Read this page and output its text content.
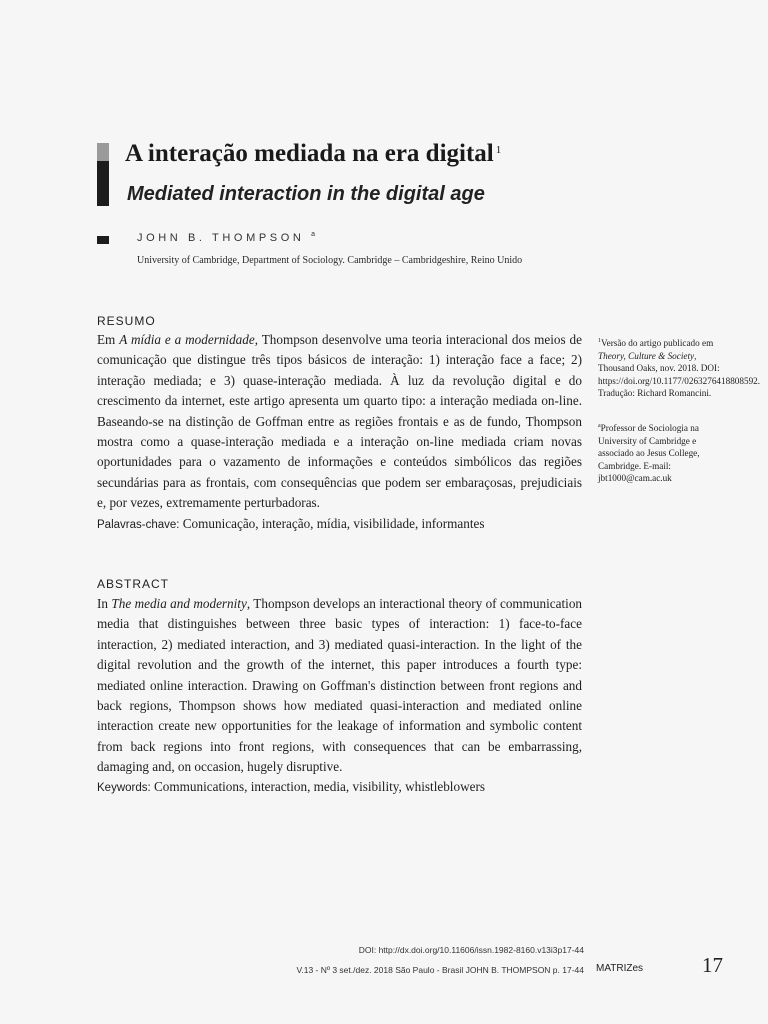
A interação mediada na era digital $^1$
Mediated interaction in the digital age
JOHN B. THOMPSON $^a$
University of Cambridge, Department of Sociology. Cambridge – Cambridgeshire, Reino Unido
RESUMO

Em A mídia e a modernidade, Thompson desenvolve uma teoria interacional dos meios de comunicação que distingue três tipos básicos de interação: 1) interação face a face; 2) interação mediada; e 3) quase-interação mediada. À luz da revolução digital e do crescimento da internet, este artigo apresenta um quarto tipo: a interação mediada on-line. Baseando-se na distinção de Goffman entre as regiões frontais e as de fundo, Thompson mostra como a quase-interação mediada e a interação on-line mediada criam novas oportunidades para o vazamento de informações e conteúdos simbólicos das regiões secundárias para as frontais, com consequências que podem ser embaraçosas, prejudiciais e, por vezes, extremamente perturbadoras.

Palavras-chave: Comunicação, interação, mídia, visibilidade, informantes
ABSTRACT

In The media and modernity, Thompson develops an interactional theory of communication media that distinguishes between three basic types of interaction: 1) face-to-face interaction, 2) mediated interaction, and 3) mediated quasi-interaction. In the light of the digital revolution and the growth of the internet, this paper introduces a fourth type: mediated online interaction. Drawing on Goffman's distinction between front regions and back regions, Thompson shows how mediated quasi-interaction and mediated online interaction create new opportunities for the leakage of information and symbolic content from back regions into front regions, with consequences that can be embarrassing, damaging and, on occasion, hugely disruptive.

Keywords: Communications, interaction, media, visibility, whistleblowers

$^1$Versão do artigo publicado em Theory, Culture & Society, Thousand Oaks, nov. 2018. DOI: https://doi.org/10.1177/0263276418808592. Tradução: Richard Romancini.

$^a$Professor de Sociologia na University of Cambridge e associado ao Jesus College, Cambridge. E-mail: jbt1000@cam.ac.uk

DOI: http://dx.doi.org/10.11606/issn.1982-8160.v13i3p17-44
V.13 - Nº 3 set./dez. 2018 São Paulo - Brasil JOHN B. THOMPSON p. 17-44 MATRIZes	17
